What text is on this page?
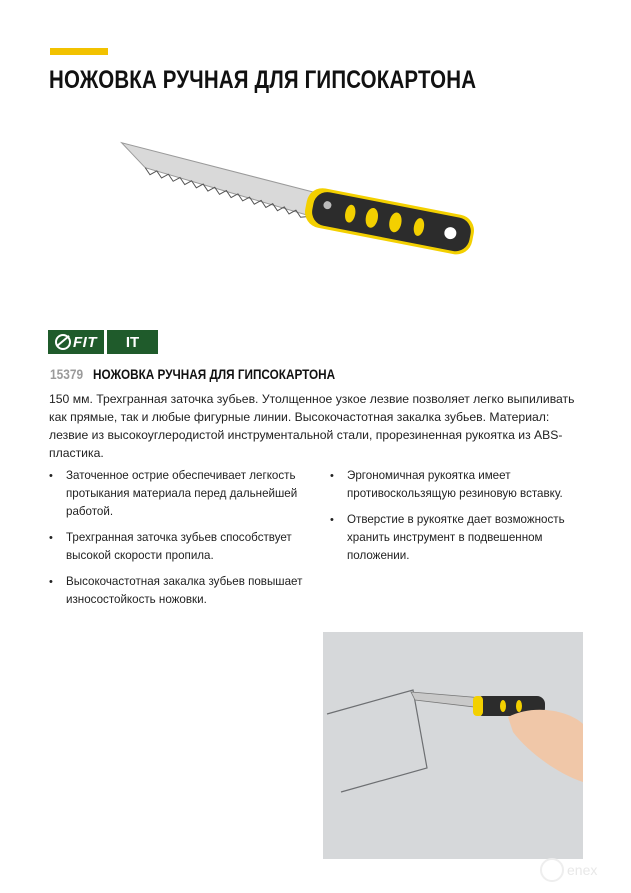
НОЖОВКА РУЧНАЯ ДЛЯ ГИПСОКАРТОНА
FIT	IT
15379 НОЖОВКА РУЧНАЯ ДЛЯ ГИПСОКАРТОНА

150 мм. Трехгранная заточка зубьев. Утолщенное узкое лезвие позволяет легко выпиливать как прямые, так и любые фигурные линии. Высокочастотная закалка зубьев. Материал: лезвие из высокоуглеродистой инструментальной стали, прорезиненная рукоятка из ABS-пластика.

• Заточенное острие обеспечивает легкость протыкания материала перед дальнейшей работой.
• Трехгранная заточка зубьев способствует высокой скорости пропила.
• Высокочастотная закалка зубьев повышает износостойкость ножовки.
• Эргономичная рукоятка имеет противоскользящую резиновую вставку.
• Отверстие в рукоятке дает возможность хранить инструмент в подвешенном положении.
enex
